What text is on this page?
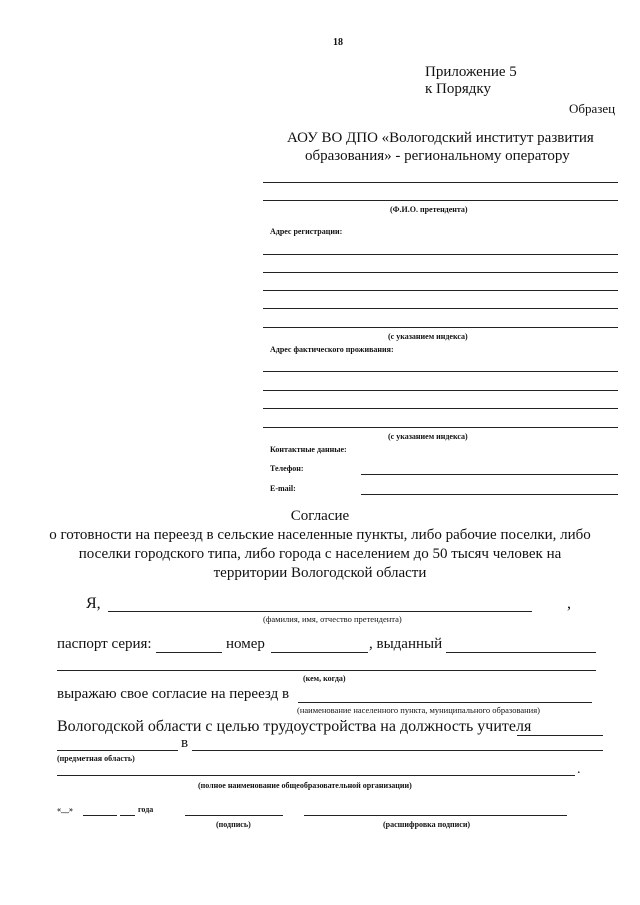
18
Приложение 5
к Порядку
Образец
АОУ ВО ДПО «Вологодский институт развития
образования» - региональному оператору
(Ф.И.О. претендента)
Адрес регистрации:
(с указанием индекса)
Адрес фактического проживания:
(с указанием индекса)
Контактные данные:
Телефон:
E-mail:
Согласие
о готовности на переезд в сельские населенные пункты, либо рабочие поселки, либо
поселки городского типа, либо города с населением до 50 тысяч человек на
территории Вологодской области
Я,	,
(фамилия, имя, отчество претендента)
паспорт серия:	номер	, выданный
(кем, когда)
выражаю свое согласие на переезд в
(наименование населенного пункта, муниципального образования)
Вологодской области с целью трудоустройства на должность учителя
в
(предметная область)
.
(полное наименование общеобразовательной организации)
«__»	года
(подпись)	(расшифровка подписи)
